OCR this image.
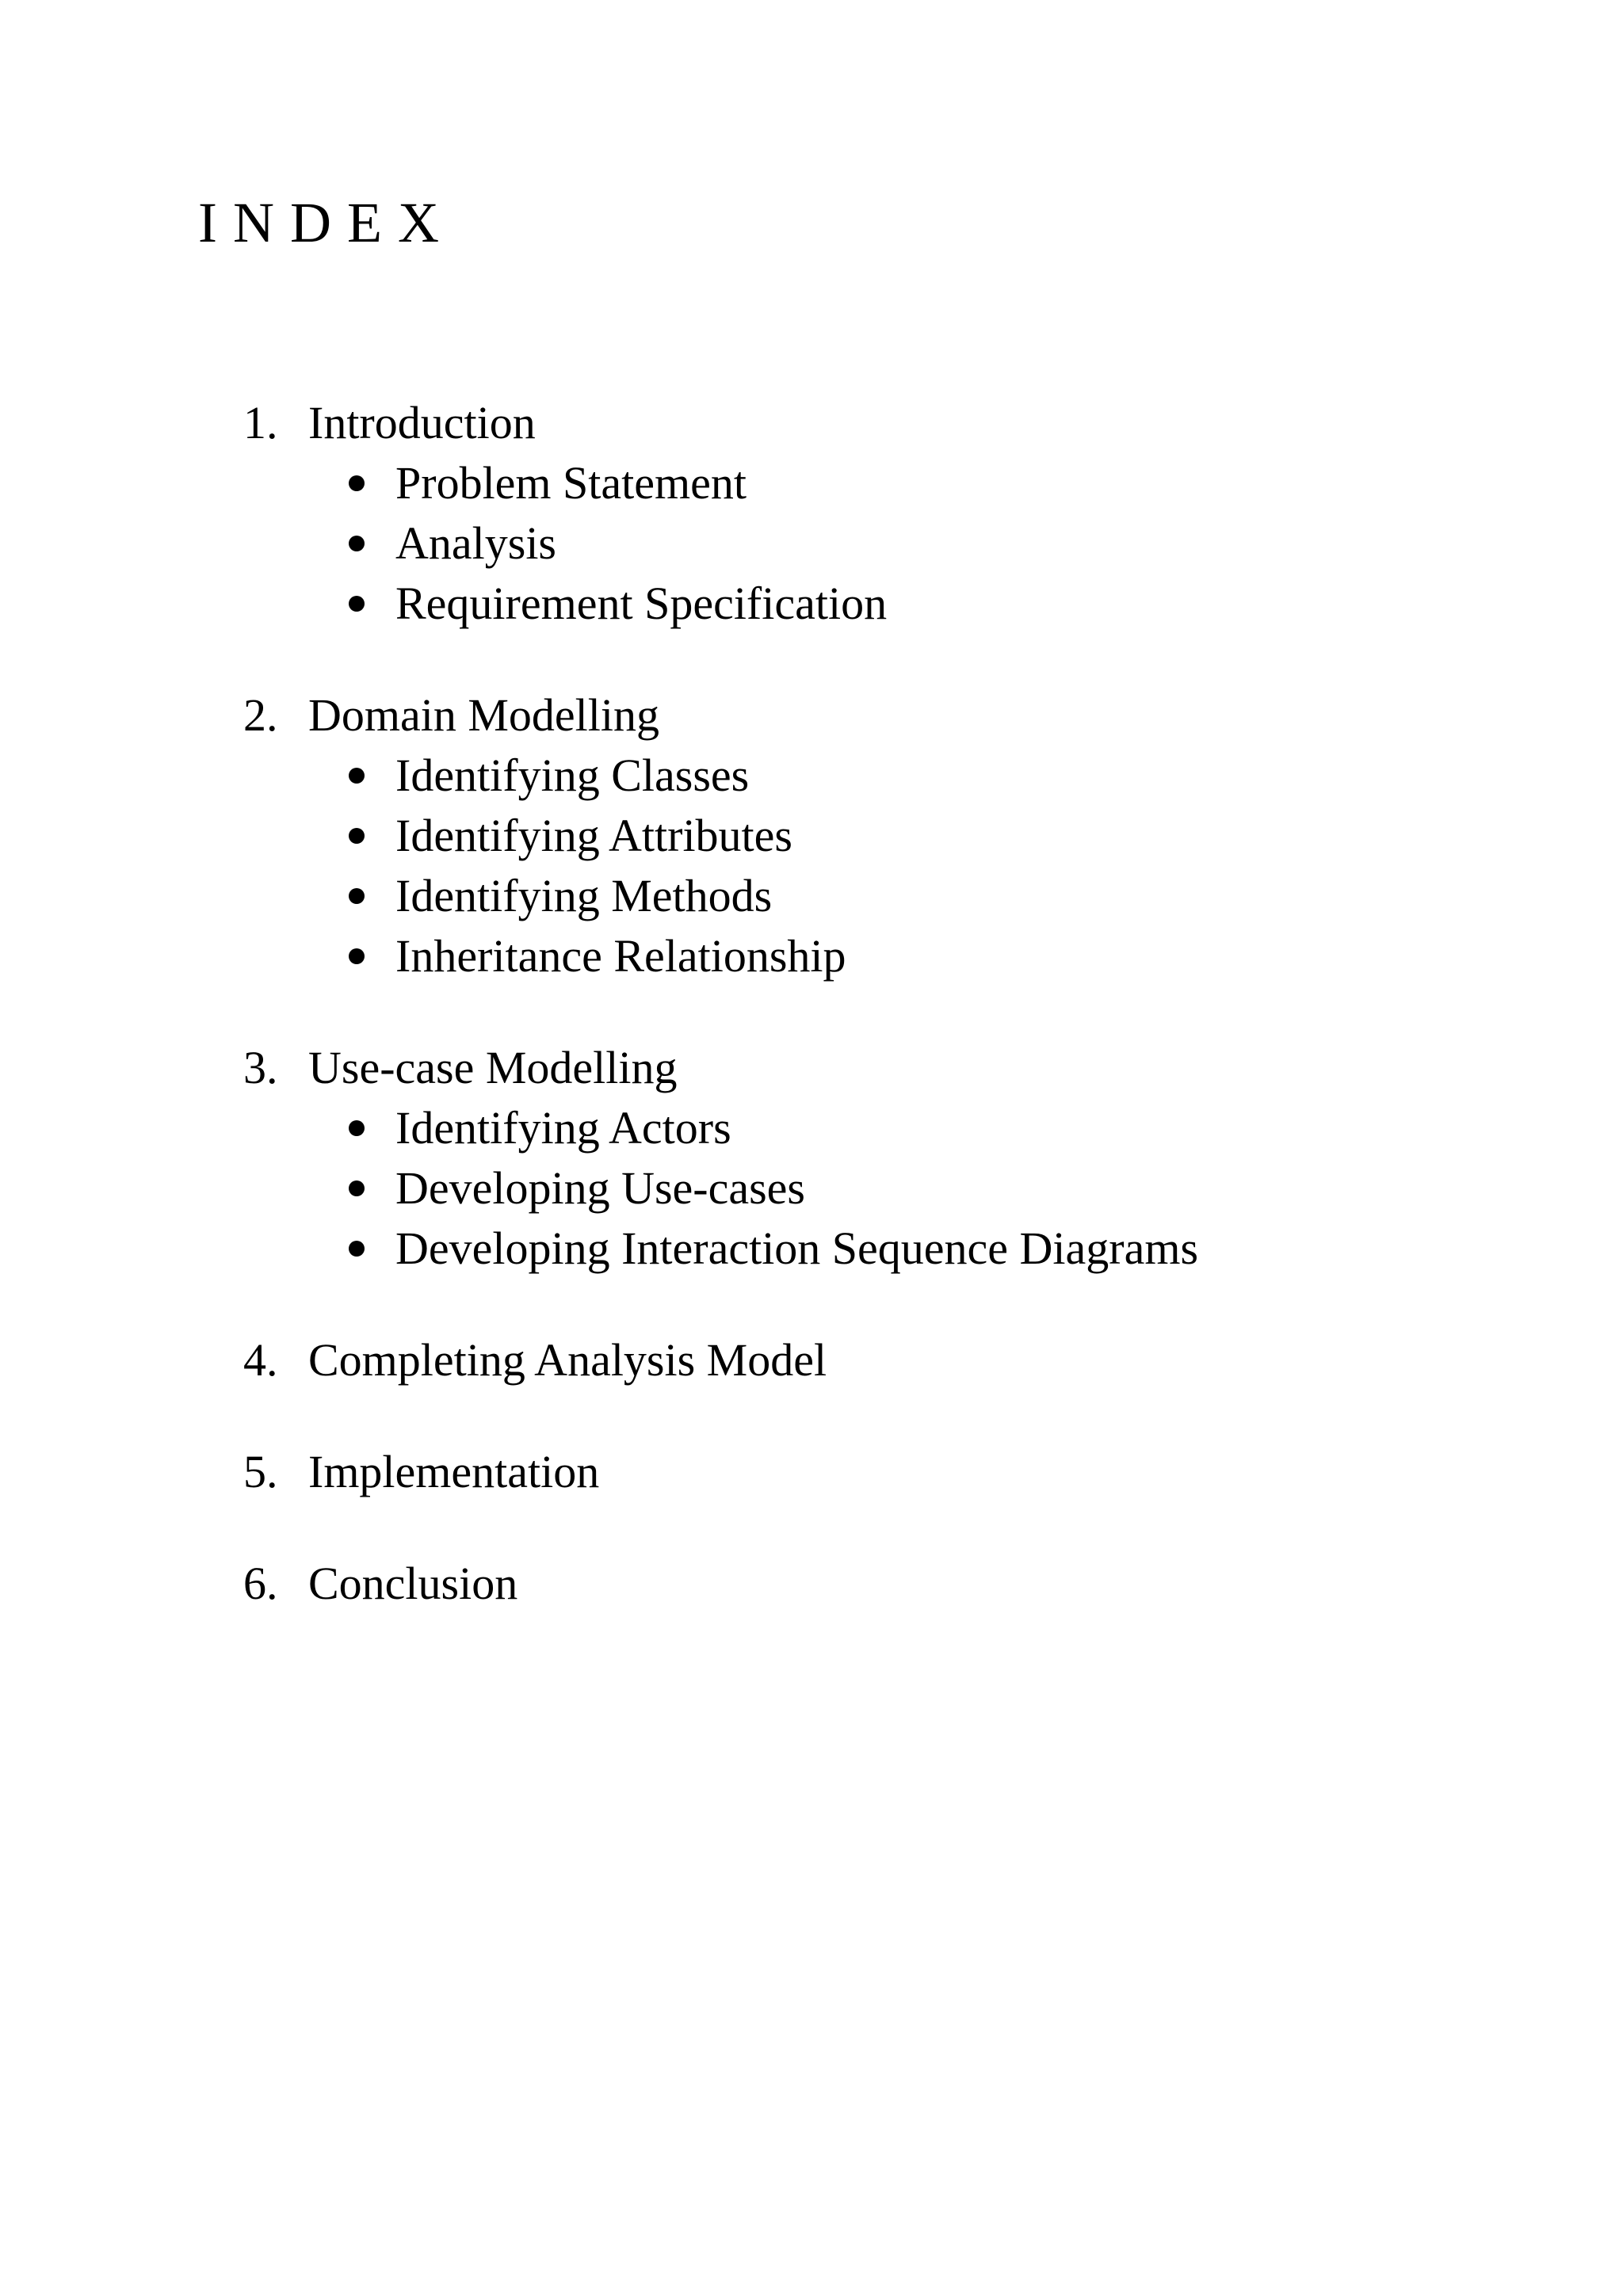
INDEX
1. Introduction
Problem Statement
Analysis
Requirement Specification
2. Domain Modelling
Identifying Classes
Identifying Attributes
Identifying Methods
Inheritance Relationship
3. Use-case Modelling
Identifying Actors
Developing Use-cases
Developing Interaction Sequence Diagrams
4. Completing Analysis Model
5. Implementation
6. Conclusion
